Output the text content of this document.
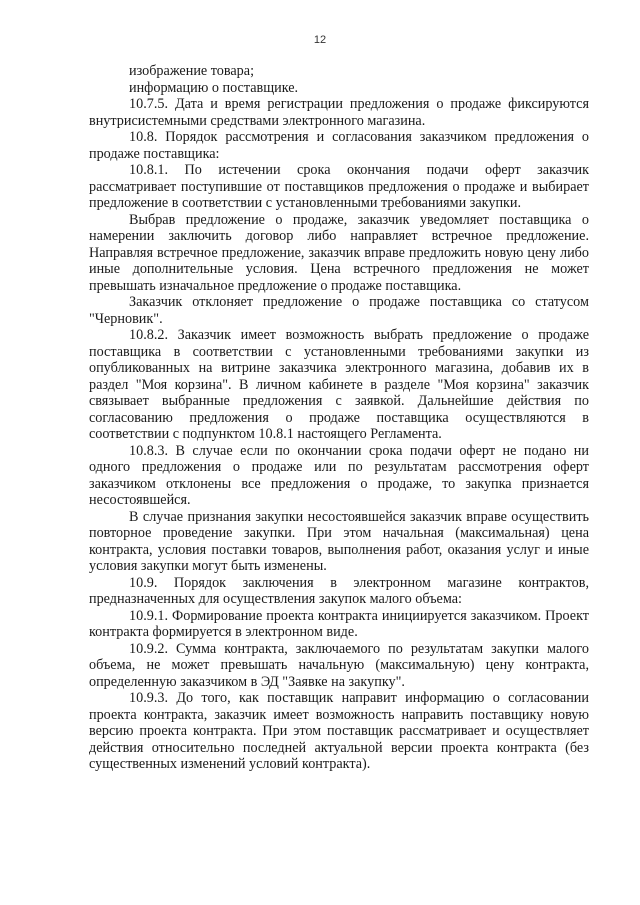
12

изображение товара;

информацию о поставщике.

10.7.5. Дата и время регистрации предложения о продаже фиксируются внутрисистемными средствами электронного магазина.

10.8. Порядок рассмотрения и согласования заказчиком предложения о продаже поставщика:

10.8.1. По истечении срока окончания подачи оферт заказчик рассматривает поступившие от поставщиков предложения о продаже и выбирает предложение в соответствии с установленными требованиями закупки.

Выбрав предложение о продаже, заказчик уведомляет поставщика о намерении заключить договор либо направляет встречное предложение. Направляя встречное предложение, заказчик вправе предложить новую цену либо иные дополнительные условия. Цена встречного предложения не может превышать изначальное предложение о продаже поставщика.

Заказчик отклоняет предложение о продаже поставщика со статусом "Черновик".

10.8.2. Заказчик имеет возможность выбрать предложение о продаже поставщика в соответствии с установленными требованиями закупки из опубликованных на витрине заказчика электронного магазина, добавив их в раздел "Моя корзина". В личном кабинете в разделе "Моя корзина" заказчик связывает выбранные предложения с заявкой. Дальнейшие действия по согласованию предложения о продаже поставщика осуществляются в соответствии с подпунктом 10.8.1 настоящего Регламента.

10.8.3. В случае если по окончании срока подачи оферт не подано ни одного предложения о продаже или по результатам рассмотрения оферт заказчиком отклонены все предложения о продаже, то закупка признается несостоявшейся.

В случае признания закупки несостоявшейся заказчик вправе осуществить повторное проведение закупки. При этом начальная (максимальная) цена контракта, условия поставки товаров, выполнения работ, оказания услуг и иные условия закупки могут быть изменены.

10.9. Порядок заключения в электронном магазине контрактов, предназначенных для осуществления закупок малого объема:

10.9.1. Формирование проекта контракта инициируется заказчиком. Проект контракта формируется в электронном виде.

10.9.2. Сумма контракта, заключаемого по результатам закупки малого объема, не может превышать начальную (максимальную) цену контракта, определенную заказчиком в ЭД "Заявке на закупку".

10.9.3. До того, как поставщик направит информацию о согласовании проекта контракта, заказчик имеет возможность направить поставщику новую версию проекта контракта. При этом поставщик рассматривает и осуществляет действия относительно последней актуальной версии проекта контракта (без существенных изменений условий контракта).
